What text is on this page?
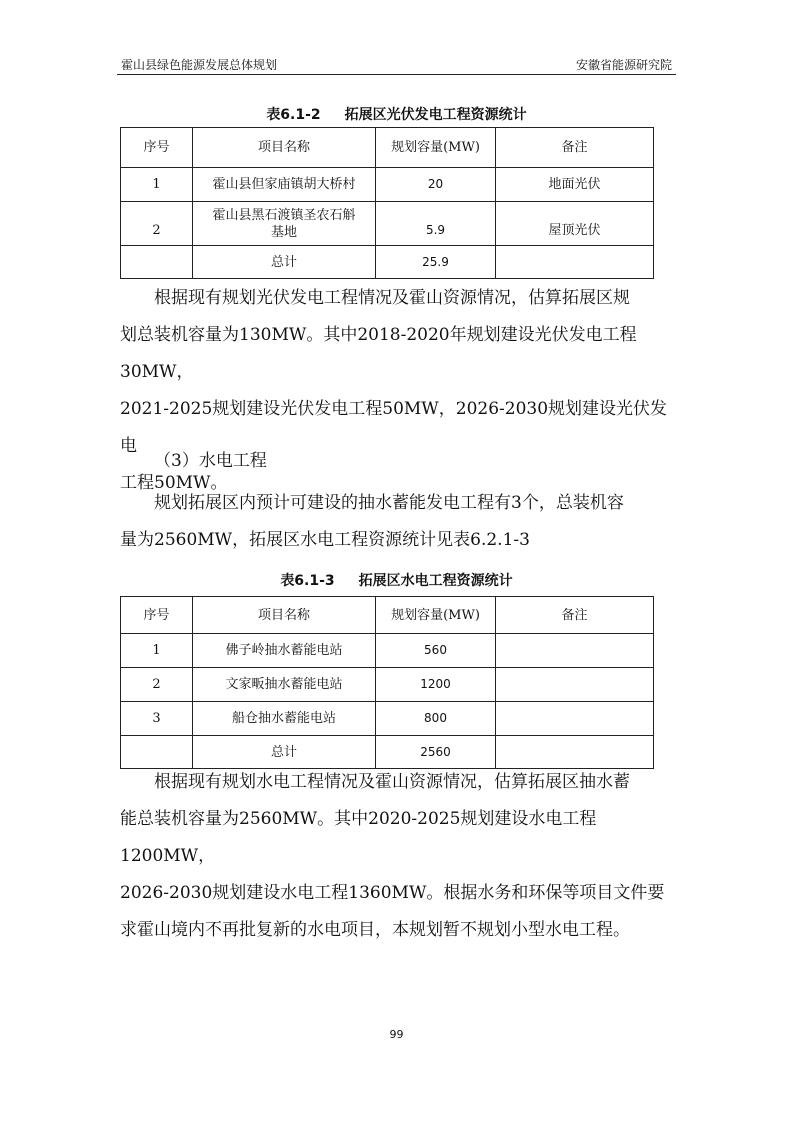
霍山县绿色能源发展总体规划	安徽省能源研究院
表6.1-2 拓展区光伏发电工程资源统计
序号	项目名称	规划容量(MW)	备注
1	霍山县但家庙镇胡大桥村	20	地面光伏
2	霍山县黑石渡镇圣农石斛
基地	5.9	屋顶光伏
	总计	25.9	

根据现有规划光伏发电工程情况及霍山资源情况，估算拓展区规

划总装机容量为130MW。其中2018-2020年规划建设光伏发电工程30MW，

2021-2025规划建设光伏发电工程50MW，2026-2030规划建设光伏发电

工程50MW。

（3）水电工程

规划拓展区内预计可建设的抽水蓄能发电工程有3个，总装机容

量为2560MW，拓展区水电工程资源统计见表6.2.1-3

表6.1-3 拓展区水电工程资源统计
序号	项目名称	规划容量(MW)	备注
1	佛子岭抽水蓄能电站	560	
2	文家畈抽水蓄能电站	1200	
3	船仓抽水蓄能电站	800	
	总计	2560	

根据现有规划水电工程情况及霍山资源情况，估算拓展区抽水蓄

能总装机容量为2560MW。其中2020-2025规划建设水电工程1200MW，

2026-2030规划建设水电工程1360MW。根据水务和环保等项目文件要

求霍山境内不再批复新的水电项目，本规划暂不规划小型水电工程。

99
